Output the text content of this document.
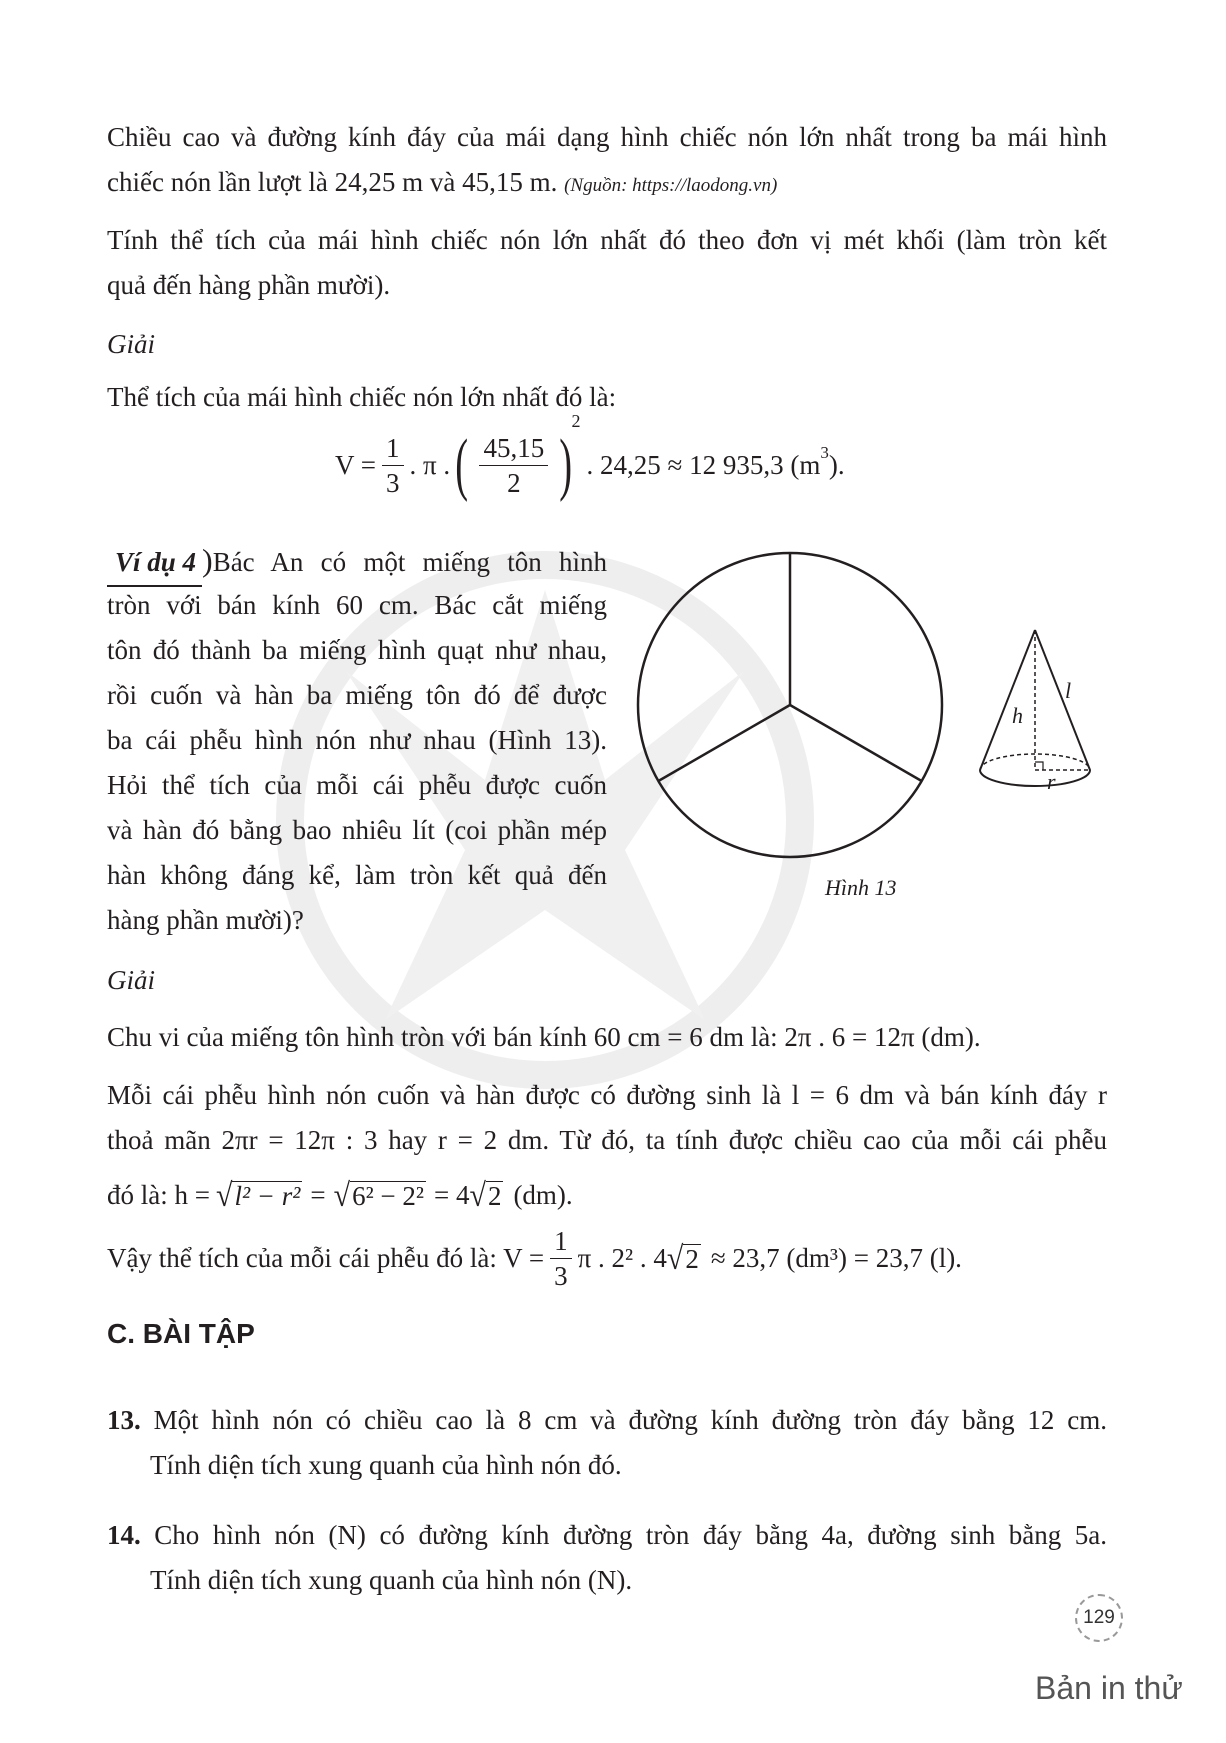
Chiều cao và đường kính đáy của mái dạng hình chiếc nón lớn nhất trong ba mái hình

chiếc nón lần lượt là 24,25 m và 45,15 m. (Nguồn: https://laodong.vn)

Tính thể tích của mái hình chiếc nón lớn nhất đó theo đơn vị mét khối (làm tròn kết

quả đến hàng phần mười).

Giải

Thể tích của mái hình chiếc nón lớn nhất đó là:

$V = \frac{1}{3}$ . π . ( $\frac{45,15}{2}$ )
2
. 24,25 ≈ 12 935,3 (m 3 ).
Ví dụ 4 )Bác An có một miếng tôn hình

tròn với bán kính 60 cm. Bác cắt miếng

tôn đó thành ba miếng hình quạt như nhau,

rồi cuốn và hàn ba miếng tôn đó để được

ba cái phễu hình nón như nhau (Hình 13).

Hỏi thể tích của mỗi cái phễu được cuốn

và hàn đó bằng bao nhiêu lít (coi phần mép

hàn không đáng kể, làm tròn kết quả đến

hàng phần mười)?

h
l
r
Hình 13

Giải

Chu vi của miếng tôn hình tròn với bán kính 60 cm = 6 dm là: 2π . 6 = 12π (dm).

Mỗi cái phễu hình nón cuốn và hàn được có đường sinh là l = 6 dm và bán kính đáy r

thoả mãn 2πr = 12π : 3 hay r = 2 dm. Từ đó, ta tính được chiều cao của mỗi cái phễu

đó là: h = √ l² − r² = √ 6² − 2² = 4 √ 2 (dm).
Vậy thể tích của mỗi cái phễu đó là: $V = \frac{1}{3}$ π . 2² . 4 √ 2 ≈ 23,7 (dm³) = 23,7 (l).
C. BÀI TẬP

13. Một hình nón có chiều cao là 8 cm và đường kính đường tròn đáy bằng 12 cm.

Tính diện tích xung quanh của hình nón đó.

14. Cho hình nón (N) có đường kính đường tròn đáy bằng 4a, đường sinh bằng 5a.

Tính diện tích xung quanh của hình nón (N).

129
Bản in thử
